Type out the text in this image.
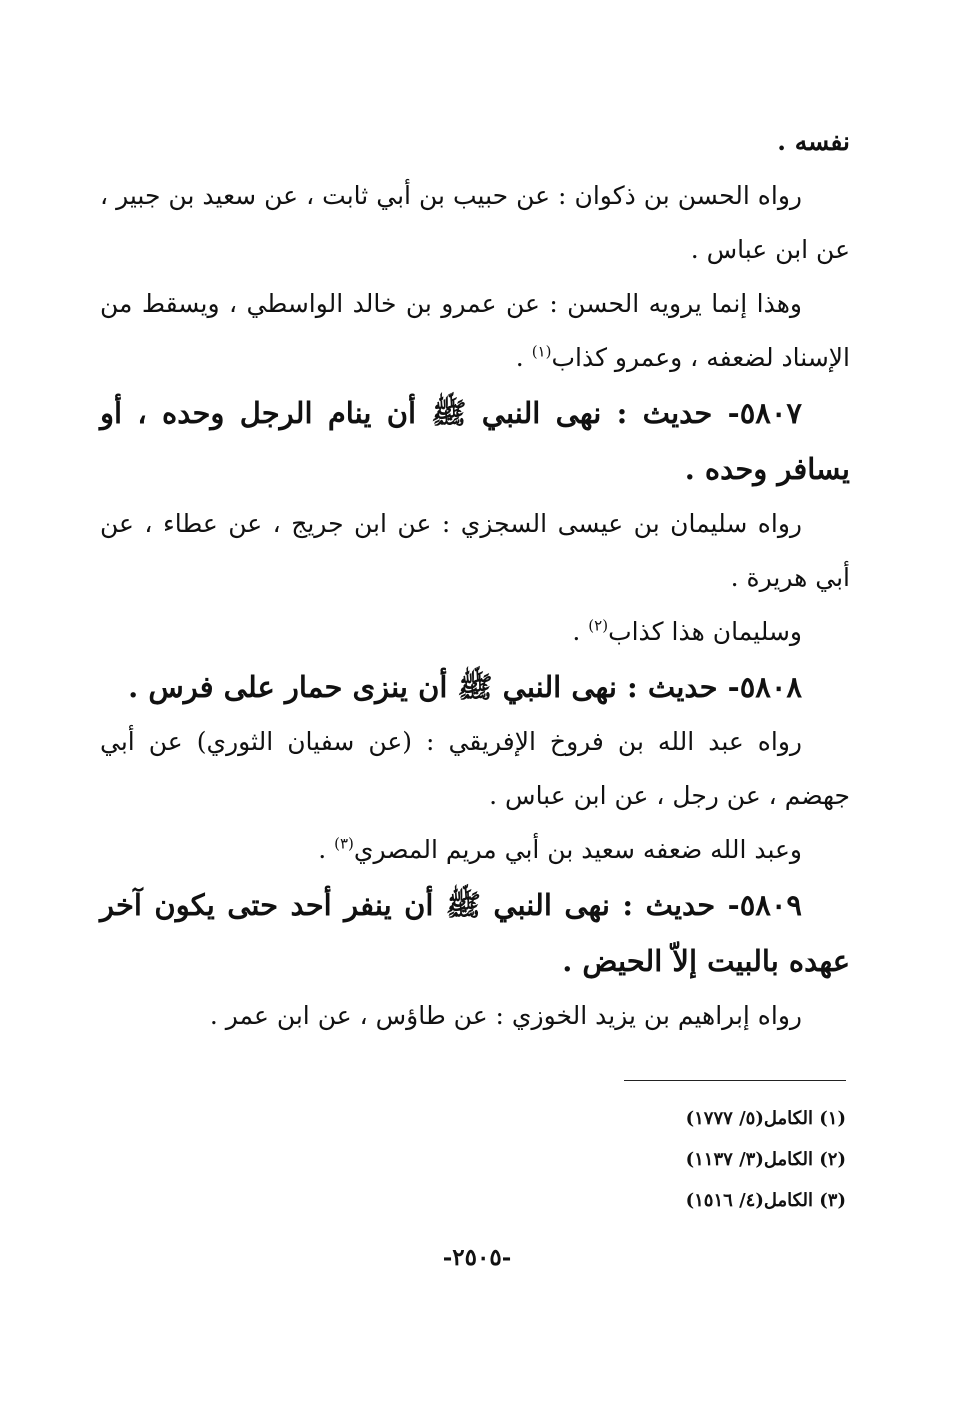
نفسه .

رواه الحسن بن ذكوان : عن حبيب بن أبي ثابت ، عن سعيد بن جبير ، عن ابن عباس .

وهذا إنما يرويه الحسن : عن عمرو بن خالد الواسطي ، ويسقط من الإسناد لضعفه ، وعمرو كذاب$^{(١)}$ .

٥٨٠٧- حديث : نهى النبي ﷺ أن ينام الرجل وحده ، أو يسافر وحده .

رواه سليمان بن عيسى السجزي : عن ابن جريج ، عن عطاء ، عن أبي هريرة .

وسليمان هذا كذاب$^{(٢)}$ .

٥٨٠٨- حديث : نهى النبي ﷺ أن ينزى حمار على فرس .

رواه عبد الله بن فروخ الإفريقي : (عن سفيان الثوري) عن أبي جهضم ، عن رجل ، عن ابن عباس .

وعبد الله ضعفه سعيد بن أبي مريم المصري$^{(٣)}$ .

٥٨٠٩- حديث : نهى النبي ﷺ أن ينفر أحد حتى يكون آخر عهده بالبيت إلاّ الحيض .

رواه إبراهيم بن يزيد الخوزي : عن طاؤس ، عن ابن عمر .

(١) الكامل(٥/ ١٧٧٧)

(٢) الكامل(٣/ ١١٣٧)

(٣) الكامل(٤/ ١٥١٦)

-٢٥٠٥-
